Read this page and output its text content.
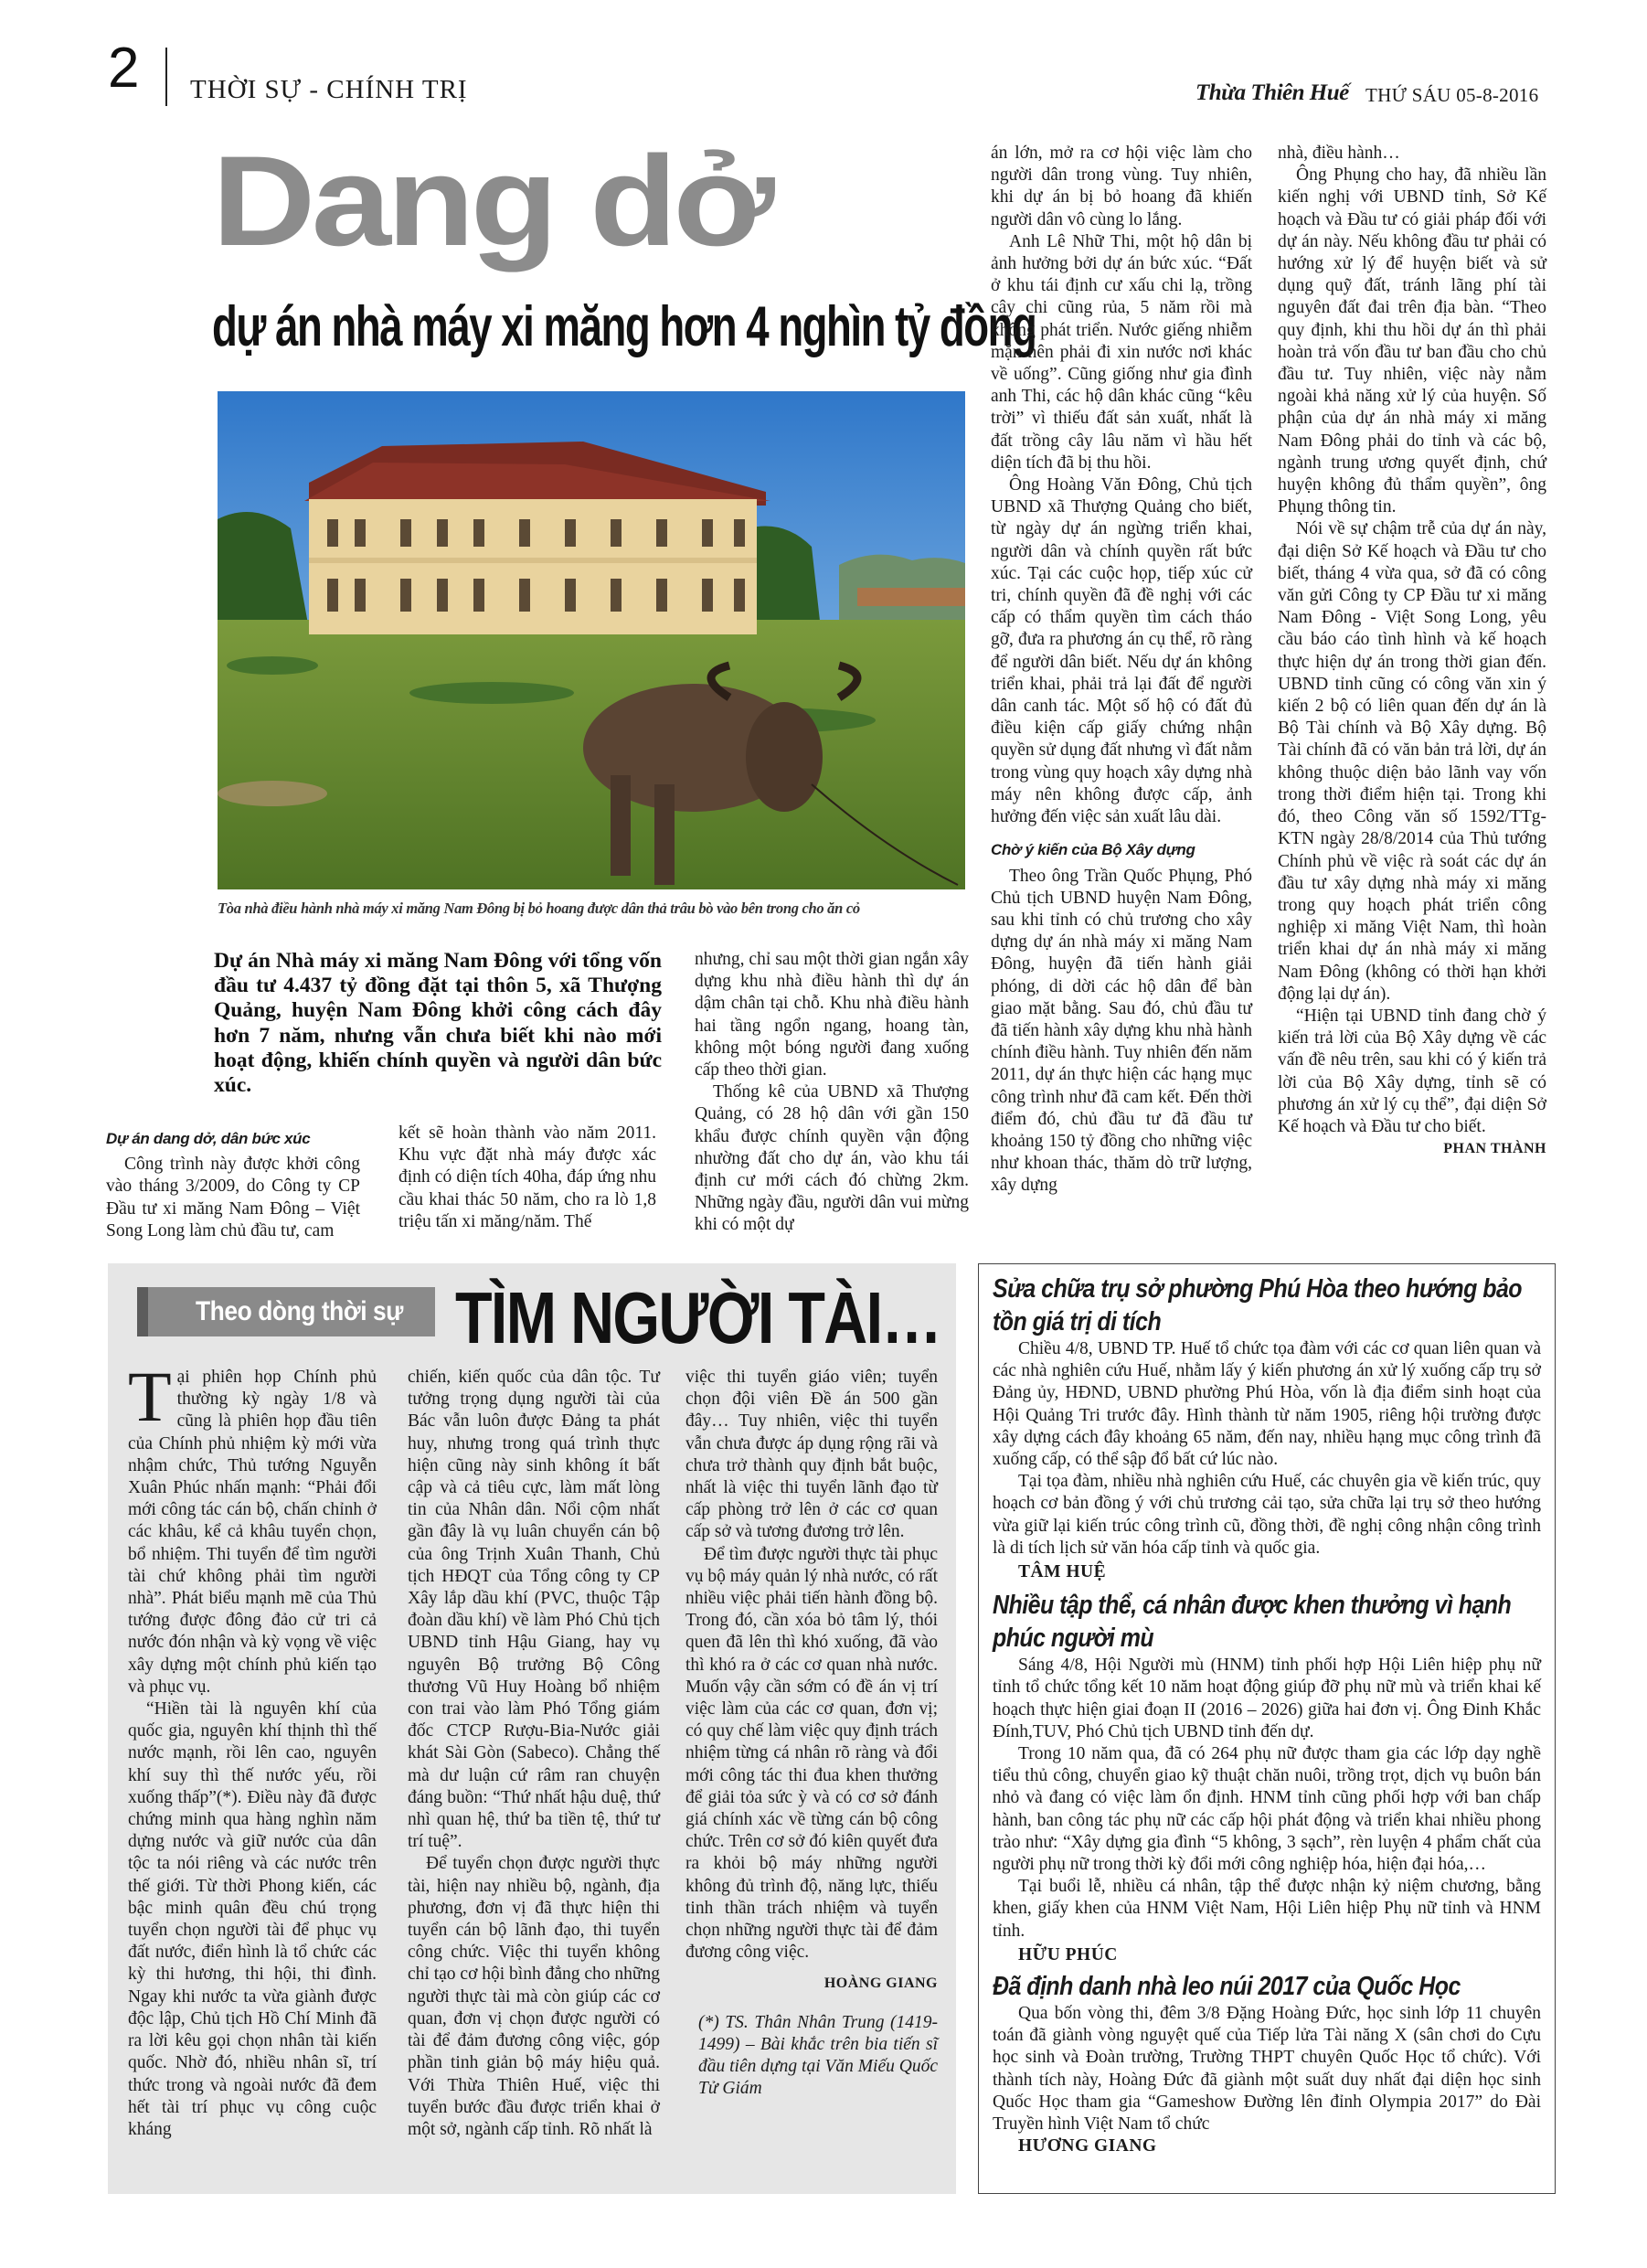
2 THỜI SỰ - CHÍNH TRỊ	Thừa Thiên Huế THỨ SÁU 05-8-2016
Dang dở
dự án nhà máy xi măng hơn 4 nghìn tỷ đồng
Tòa nhà điều hành nhà máy xi măng Nam Đông bị bỏ hoang được dân thả trâu bò vào bên trong cho ăn cỏ
Dự án Nhà máy xi măng Nam Đông với tổng vốn đầu tư 4.437 tỷ đồng đặt tại thôn 5, xã Thượng Quảng, huyện Nam Đông khởi công cách đây hơn 7 năm, nhưng vẫn chưa biết khi nào mới hoạt động, khiến chính quyền và người dân bức xúc.
Dự án dang dở, dân bức xúc

Công trình này được khởi công vào tháng 3/2009, do Công ty CP Đầu tư xi măng Nam Đông – Việt Song Long làm chủ đầu tư, cam

kết sẽ hoàn thành vào năm 2011. Khu vực đặt nhà máy được xác định có diện tích 40ha, đáp ứng nhu cầu khai thác 50 năm, cho ra lò 1,8 triệu tấn xi măng/năm. Thế

nhưng, chỉ sau một thời gian ngắn xây dựng khu nhà điều hành thì dự án dậm chân tại chỗ. Khu nhà điều hành hai tầng ngổn ngang, hoang tàn, không một bóng người đang xuống cấp theo thời gian.

Thống kê của UBND xã Thượng Quảng, có 28 hộ dân với gần 150 khẩu được chính quyền vận động nhường đất cho dự án, vào khu tái định cư mới cách đó chừng 2km. Những ngày đầu, người dân vui mừng khi có một dự

án lớn, mở ra cơ hội việc làm cho người dân trong vùng. Tuy nhiên, khi dự án bị bỏ hoang đã khiến người dân vô cùng lo lắng.

Anh Lê Nhữ Thi, một hộ dân bị ảnh hưởng bởi dự án bức xúc. “Đất ở khu tái định cư xấu chi lạ, trồng cây chi cũng rủa, 5 năm rồi mà không phát triển. Nước giếng nhiễm mặn nên phải đi xin nước nơi khác về uống”. Cũng giống như gia đình anh Thi, các hộ dân khác cũng “kêu trời” vì thiếu đất sản xuất, nhất là đất trồng cây lâu năm vì hầu hết diện tích đã bị thu hồi.

Ông Hoàng Văn Đông, Chủ tịch UBND xã Thượng Quảng cho biết, từ ngày dự án ngừng triển khai, người dân và chính quyền rất bức xúc. Tại các cuộc họp, tiếp xúc cử tri, chính quyền đã đề nghị với các cấp có thẩm quyền tìm cách tháo gỡ, đưa ra phương án cụ thể, rõ ràng để người dân biết. Nếu dự án không triển khai, phải trả lại đất để người dân canh tác. Một số hộ có đất đủ điều kiện cấp giấy chứng nhận quyền sử dụng đất nhưng vì đất nằm trong vùng quy hoạch xây dựng nhà máy nên không được cấp, ảnh hưởng đến việc sản xuất lâu dài.

Chờ ý kiến của Bộ Xây dựng

Theo ông Trần Quốc Phụng, Phó Chủ tịch UBND huyện Nam Đông, sau khi tỉnh có chủ trương cho xây dựng dự án nhà máy xi măng Nam Đông, huyện đã tiến hành giải phóng, di dời các hộ dân để bàn giao mặt bằng. Sau đó, chủ đầu tư đã tiến hành xây dựng khu nhà hành chính điều hành. Tuy nhiên đến năm 2011, dự án thực hiện các hạng mục công trình như đã cam kết. Đến thời điểm đó, chủ đầu tư đã đầu tư khoảng 150 tỷ đồng cho những việc như khoan thác, thăm dò trữ lượng, xây dựng

nhà, điều hành…

Ông Phụng cho hay, đã nhiều lần kiến nghị với UBND tỉnh, Sở Kế hoạch và Đầu tư có giải pháp đối với dự án này. Nếu không đầu tư phải có hướng xử lý để huyện biết và sử dụng quỹ đất, tránh lãng phí tài nguyên đất đai trên địa bàn. “Theo quy định, khi thu hồi dự án thì phải hoàn trả vốn đầu tư ban đầu cho chủ đầu tư. Tuy nhiên, việc này nằm ngoài khả năng xử lý của huyện. Số phận của dự án nhà máy xi măng Nam Đông phải do tỉnh và các bộ, ngành trung ương quyết định, chứ huyện không đủ thẩm quyền”, ông Phụng thông tin.

Nói về sự chậm trễ của dự án này, đại diện Sở Kế hoạch và Đầu tư cho biết, tháng 4 vừa qua, sở đã có công văn gửi Công ty CP Đầu tư xi măng Nam Đông - Việt Song Long, yêu cầu báo cáo tình hình và kế hoạch thực hiện dự án trong thời gian đến. UBND tỉnh cũng có công văn xin ý kiến 2 bộ có liên quan đến dự án là Bộ Tài chính và Bộ Xây dựng. Bộ Tài chính đã có văn bản trả lời, dự án không thuộc diện bảo lãnh vay vốn trong thời điểm hiện tại. Trong khi đó, theo Công văn số 1592/TTg-KTN ngày 28/8/2014 của Thủ tướng Chính phủ về việc rà soát các dự án đầu tư xây dựng nhà máy xi măng trong quy hoạch phát triển công nghiệp xi măng Việt Nam, thì hoàn triển khai dự án nhà máy xi măng Nam Đông (không có thời hạn khởi động lại dự án).

“Hiện tại UBND tỉnh đang chờ ý kiến trả lời của Bộ Xây dựng về các vấn đề nêu trên, sau khi có ý kiến trả lời của Bộ Xây dựng, tỉnh sẽ có phương án xử lý cụ thể”, đại diện Sở Kế hoạch và Đầu tư cho biết.

PHAN THÀNH

Theo dòng thời sự TÌM NGƯỜI TÀI…
T ại phiên họp Chính phủ thường kỳ ngày 1/8 và cũng là phiên họp đầu tiên của Chính phủ nhiệm kỳ mới vừa nhậm chức, Thủ tướng Nguyễn Xuân Phúc nhấn mạnh: “Phải đổi mới công tác cán bộ, chấn chỉnh ở các khâu, kể cả khâu tuyển chọn, bổ nhiệm. Thi tuyển để tìm người tài chứ không phải tìm người nhà”. Phát biểu mạnh mẽ của Thủ tướng được đông đảo cử tri cả nước đón nhận và kỳ vọng về việc xây dựng một chính phủ kiến tạo và phục vụ.

“Hiền tài là nguyên khí của quốc gia, nguyên khí thịnh thì thế nước mạnh, rồi lên cao, nguyên khí suy thì thế nước yếu, rồi xuống thấp”(*). Điều này đã được chứng minh qua hàng nghìn năm dựng nước và giữ nước của dân tộc ta nói riêng và các nước trên thế giới. Từ thời Phong kiến, các bậc minh quân đều chú trọng tuyển chọn người tài để phục vụ đất nước, điển hình là tổ chức các kỳ thi hương, thi hội, thi đình. Ngay khi nước ta vừa giành được độc lập, Chủ tịch Hồ Chí Minh đã ra lời kêu gọi chọn nhân tài kiến quốc. Nhờ đó, nhiều nhân sĩ, trí thức trong và ngoài nước đã đem hết tài trí phục vụ công cuộc kháng

chiến, kiến quốc của dân tộc. Tư tưởng trọng dụng người tài của Bác vẫn luôn được Đảng ta phát huy, nhưng trong quá trình thực hiện cũng này sinh không ít bất cập và cả tiêu cực, làm mất lòng tin của Nhân dân. Nổi cộm nhất gần đây là vụ luân chuyển cán bộ của ông Trịnh Xuân Thanh, Chủ tịch HĐQT của Tổng công ty CP Xây lắp dầu khí (PVC, thuộc Tập đoàn dầu khí) về làm Phó Chủ tịch UBND tỉnh Hậu Giang, hay vụ nguyên Bộ trưởng Bộ Công thương Vũ Huy Hoàng bổ nhiệm con trai vào làm Phó Tổng giám đốc CTCP Rượu-Bia-Nước giải khát Sài Gòn (Sabeco). Chẳng thế mà dư luận cứ râm ran chuyện đáng buồn: “Thứ nhất hậu duệ, thứ nhì quan hệ, thứ ba tiền tệ, thứ tư trí tuệ”.

Để tuyển chọn được người thực tài, hiện nay nhiều bộ, ngành, địa phương, đơn vị đã thực hiện thi tuyển cán bộ lãnh đạo, thi tuyển công chức. Việc thi tuyển không chỉ tạo cơ hội bình đẳng cho những người thực tài mà còn giúp các cơ quan, đơn vị chọn được người có tài để đảm đương công việc, góp phần tinh giản bộ máy hiệu quả. Với Thừa Thiên Huế, việc thi tuyển bước đầu được triển khai ở một sở, ngành cấp tỉnh. Rõ nhất là

việc thi tuyển giáo viên; tuyển chọn đội viên Đề án 500 gần đây… Tuy nhiên, việc thi tuyển vẫn chưa được áp dụng rộng rãi và chưa trở thành quy định bắt buộc, nhất là việc thi tuyển lãnh đạo từ cấp phòng trở lên ở các cơ quan cấp sở và tương đương trở lên.

Để tìm được người thực tài phục vụ bộ máy quản lý nhà nước, có rất nhiều việc phải tiến hành đồng bộ. Trong đó, cần xóa bỏ tâm lý, thói quen đã lên thì khó xuống, đã vào thì khó ra ở các cơ quan nhà nước. Muốn vậy cần sớm có đề án vị trí việc làm của các cơ quan, đơn vị; có quy chế làm việc quy định trách nhiệm từng cá nhân rõ ràng và đổi mới công tác thi đua khen thưởng để giải tỏa sức ỳ và có cơ sở đánh giá chính xác về từng cán bộ công chức. Trên cơ sở đó kiên quyết đưa ra khỏi bộ máy những người không đủ trình độ, năng lực, thiếu tinh thần trách nhiệm và tuyển chọn những người thực tài để đảm đương công việc.

HOÀNG GIANG

(*) TS. Thân Nhân Trung (1419-1499) – Bài khắc trên bia tiến sĩ đầu tiên dựng tại Văn Miếu Quốc Tử Giám

Sửa chữa trụ sở phường Phú Hòa theo hướng bảo tồn giá trị di tích

Chiều 4/8, UBND TP. Huế tổ chức tọa đàm với các cơ quan liên quan và các nhà nghiên cứu Huế, nhằm lấy ý kiến phương án xử lý xuống cấp trụ sở Đảng ủy, HĐND, UBND phường Phú Hòa, vốn là địa điểm sinh hoạt của Hội Quảng Tri trước đây. Hình thành từ năm 1905, riêng hội trường được xây dựng cách đây khoảng 65 năm, đến nay, nhiều hạng mục công trình đã xuống cấp, có thể sập đổ bất cứ lúc nào.

Tại tọa đàm, nhiều nhà nghiên cứu Huế, các chuyên gia về kiến trúc, quy hoạch cơ bản đồng ý với chủ trương cải tạo, sửa chữa lại trụ sở theo hướng vừa giữ lại kiến trúc công trình cũ, đồng thời, đề nghị công nhận công trình là di tích lịch sử văn hóa cấp tỉnh và quốc gia.

TÂM HUỆ

Nhiều tập thể, cá nhân được khen thưởng vì hạnh phúc người mù

Sáng 4/8, Hội Người mù (HNM) tỉnh phối hợp Hội Liên hiệp phụ nữ tỉnh tổ chức tổng kết 10 năm hoạt động giúp đỡ phụ nữ mù và triển khai kế hoạch thực hiện giai đoạn II (2016 – 2026) giữa hai đơn vị. Ông Đinh Khắc Đính,TUV, Phó Chủ tịch UBND tỉnh đến dự.

Trong 10 năm qua, đã có 264 phụ nữ được tham gia các lớp dạy nghề tiểu thủ công, chuyển giao kỹ thuật chăn nuôi, trồng trọt, dịch vụ buôn bán nhỏ và đang có việc làm ổn định. HNM tỉnh cũng phối hợp với ban chấp hành, ban công tác phụ nữ các cấp hội phát động và triển khai nhiều phong trào như: “Xây dựng gia đình “5 không, 3 sạch”, rèn luyện 4 phẩm chất của người phụ nữ trong thời kỳ đổi mới công nghiệp hóa, hiện đại hóa,…

Tại buổi lễ, nhiều cá nhân, tập thể được nhận kỷ niệm chương, bằng khen, giấy khen của HNM Việt Nam, Hội Liên hiệp Phụ nữ tỉnh và HNM tỉnh.

HỮU PHÚC

Đã định danh nhà leo núi 2017 của Quốc Học

Qua bốn vòng thi, đêm 3/8 Đặng Hoàng Đức, học sinh lớp 11 chuyên toán đã giành vòng nguyệt quế của Tiếp lửa Tài năng X (sân chơi do Cựu học sinh và Đoàn trường, Trường THPT chuyên Quốc Học tổ chức). Với thành tích này, Hoàng Đức đã giành một suất duy nhất đại diện học sinh Quốc Học tham gia “Gameshow Đường lên đỉnh Olympia 2017” do Đài Truyền hình Việt Nam tổ chức

HƯƠNG GIANG
